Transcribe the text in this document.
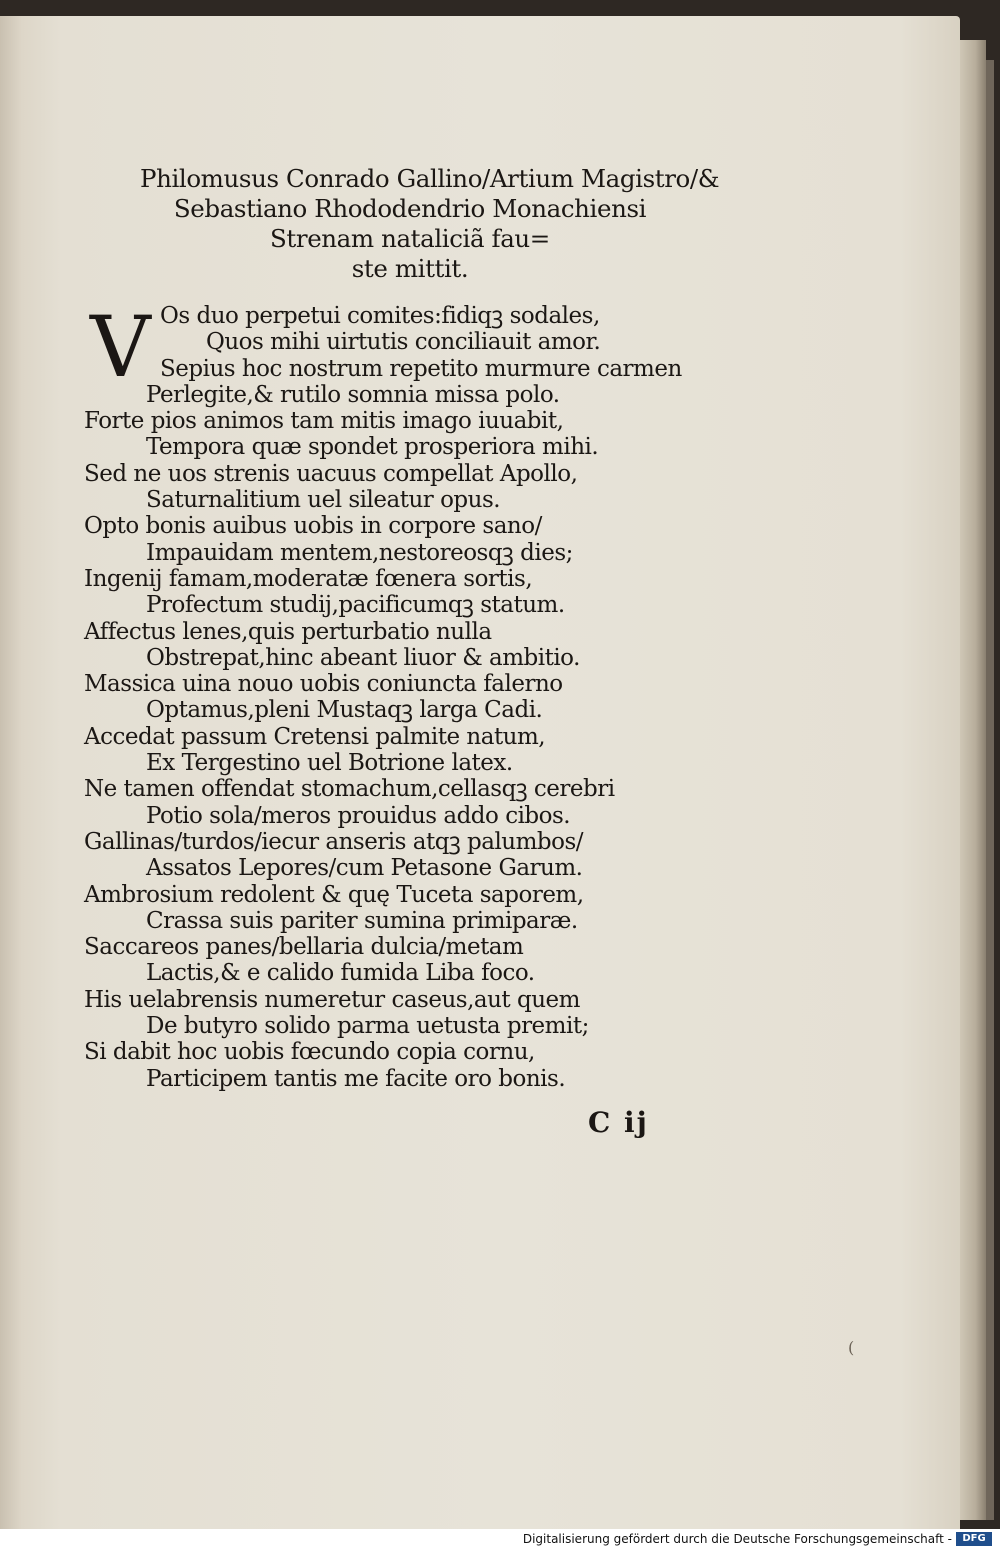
Philomusus Conrado Gallino/Artium Magistro/&
Sebastiano Rhododendrio Monachiensi
Strenam nataliciã fau=
ste mittit.
V Os duo perpetui comites:fidiqꝫ sodales,
Quos mihi uirtutis conciliauit amor.
Sepius hoc nostrum repetito murmure carmen
Perlegite,& rutilo somnia missa polo.
Forte pios animos tam mitis imago iuuabit,
Tempora quæ spondet prosperiora mihi.
Sed ne uos strenis uacuus compellat Apollo,
Saturnalitium uel sileatur opus.
Opto bonis auibus uobis in corpore sano/
Impauidam mentem,nestoreosqꝫ dies;
Ingenij famam,moderatæ fœnera sortis,
Profectum studij,pacificumqꝫ statum.
Affectus lenes,quis perturbatio nulla
Obstrepat,hinc abeant liuor & ambitio.
Massica uina nouo uobis coniuncta falerno
Optamus,pleni Mustaqꝫ larga Cadi.
Accedat passum Cretensi palmite natum,
Ex Tergestino uel Botrione latex.
Ne tamen offendat stomachum,cellasqꝫ cerebri
Potio sola/meros prouidus addo cibos.
Gallinas/turdos/iecur anseris atqꝫ palumbos/
Assatos Lepores/cum Petasone Garum.
Ambrosium redolent & quę Tuceta saporem,
Crassa suis pariter sumina primiparæ.
Saccareos panes/bellaria dulcia/metam
Lactis,& e calido fumida Liba foco.
His uelabrensis numeretur caseus,aut quem
De butyro solido parma uetusta premit;
Si dabit hoc uobis fœcundo copia cornu,
Participem tantis me facite oro bonis.
C ij
(
Digitalisierung gefördert durch die Deutsche Forschungsgemeinschaft -	DFG
